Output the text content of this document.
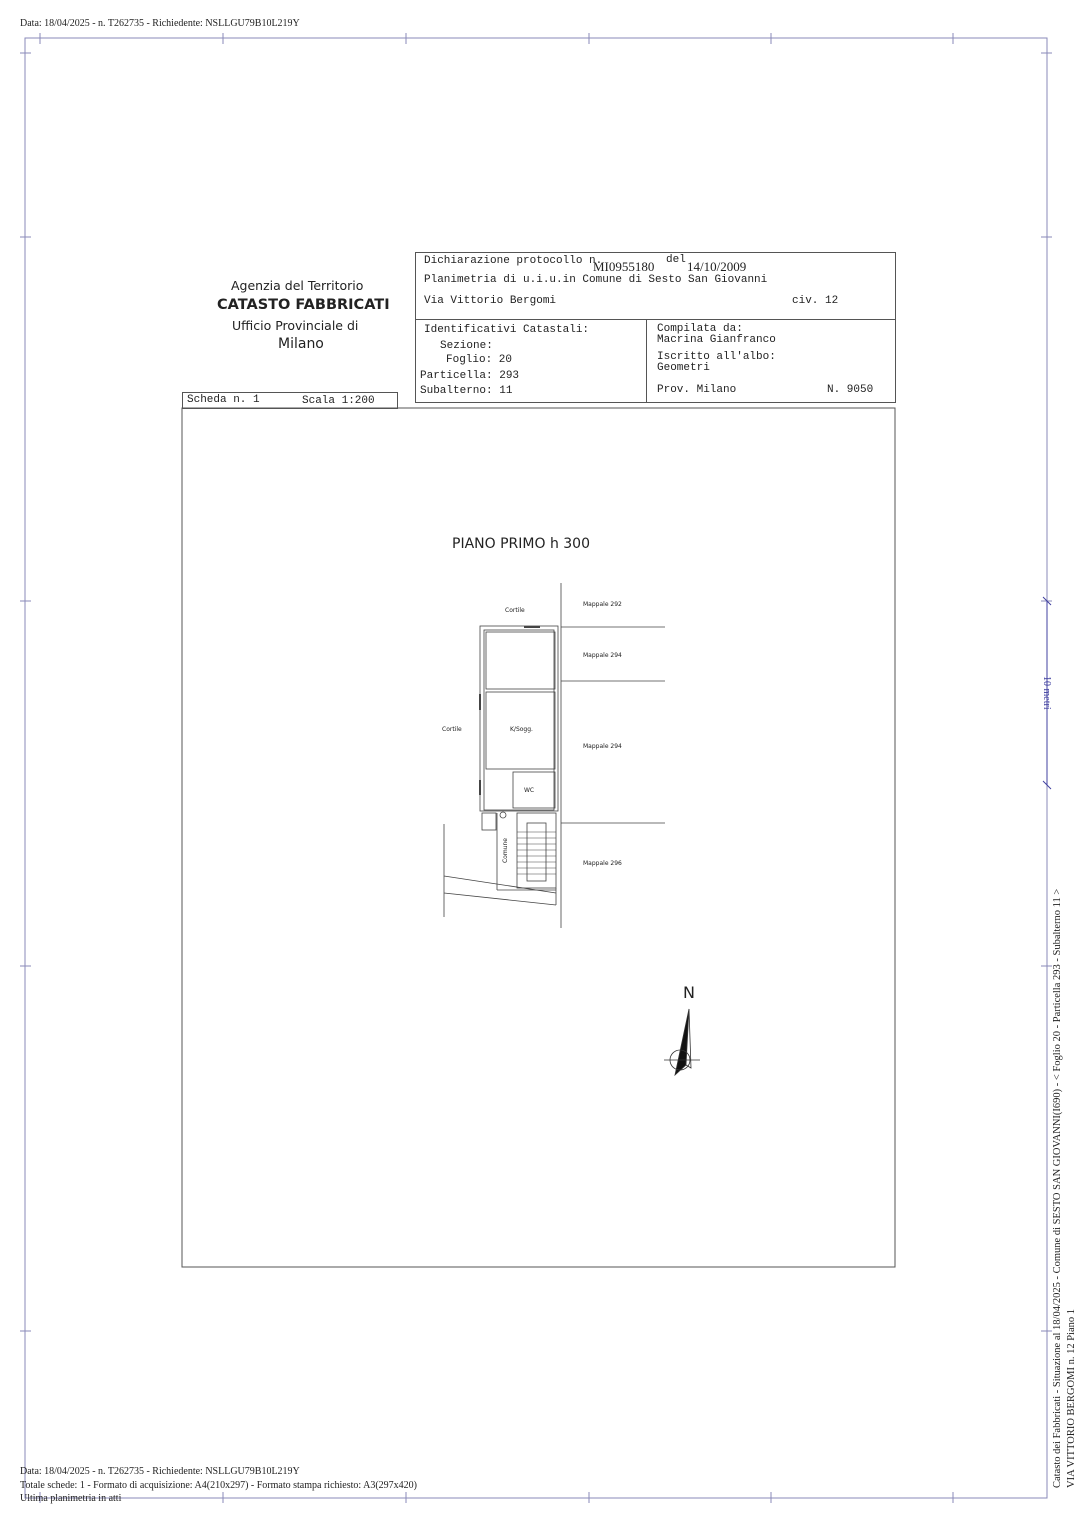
Data: 18/04/2025 - n. T262735 - Richiedente: NSLLGU79B10L219Y
Agenzia del Territorio
CATASTO FABBRICATI
Ufficio Provinciale di
Milano
Dichiarazione protocollo n.
MI0955180 del 14/10/2009
Planimetria di u.i.u.in Comune di Sesto San Giovanni
Via Vittorio Bergomi	civ. 12
Identificativi Catastali:
Sezione:
Foglio: 20
Particella: 293
Subalterno: 11
Compilata da:
Macrina Gianfranco
Iscritto all'albo:
Geometri
Prov. Milano	N. 9050
Scheda n. 1	Scala 1:200
PIANO PRIMO h 300
Cortile
Cortile	K/Sogg.
WC
Comune
Mappale 292
Mappale 294
Mappale 294
Mappale 296
N
10 metri
Catasto dei Fabbricati - Situazione al 18/04/2025 - Comune di SESTO SAN GIOVANNI(I690) - < Foglio 20 - Particella 293 - Subalterno 11 > VIA VITTORIO BERGOMI n. 12 Piano 1
Data: 18/04/2025 - n. T262735 - Richiedente: NSLLGU79B10L219Y
Totale schede: 1 - Formato di acquisizione: A4(210x297) - Formato stampa richiesto: A3(297x420)
Ultima planimetria in atti
